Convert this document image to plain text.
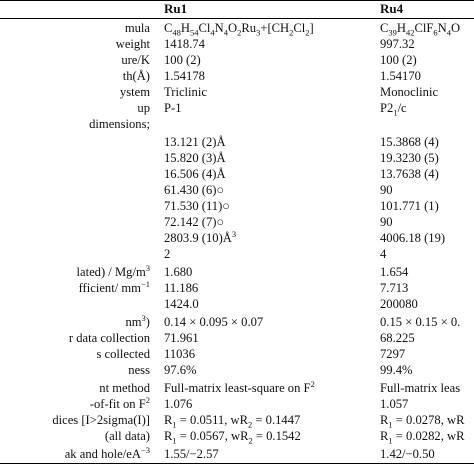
Ru1	Ru4
mula $C_{48}H_{54}Cl_4N_4O_2Ru_3+[CH_2Cl_2]$	$C_{39}H_{42}ClF_6N_4O$
weight 1418.74	997.32
ure/K 100 (2)	100 (2)
th(Å) 1.54178	1.54170
ystem Triclinic	Monoclinic
up P-1	$P2_1/c$
dimensions;
13.121 (2)Å	15.3868 (4)
15.820 (3)Å	19.3230 (5)
16.506 (4)Å	13.7638 (4)
61.430 (6)○	90
71.530 (11)○	101.771 (1)
72.142 (7)○	90
2803.9 $(10)Å^3$	4006.18 (19)
2	4
lated) / $Mg/m^3$ 1.680	1.654
fficient/ $mm^{-1}$ 11.186	7.713
1424.0	200080
$nm^3$) 0.14 × 0.095 × 0.07	0.15 × 0.15 × 0.
r data collection 71.961	68.225
s collected 11036	7297
ness 97.6%	99.4%
nt method Full-matrix least-square on $F^2$	Full-matrix leas
-of-fit on $F^2$ 1.076	1.057
dices [I>2sigma(I)] $R_1 = 0.0511$, $wR_2 = 0.1447$	$R_1 = 0.0278$, wR
(all data) $R_1 = 0.0567$, $wR_2 = 0.1542$	$R_1 = 0.0282$, wR
ak and hole/$eA^{-3}$ 1.55/−2.57	1.42/−0.50
